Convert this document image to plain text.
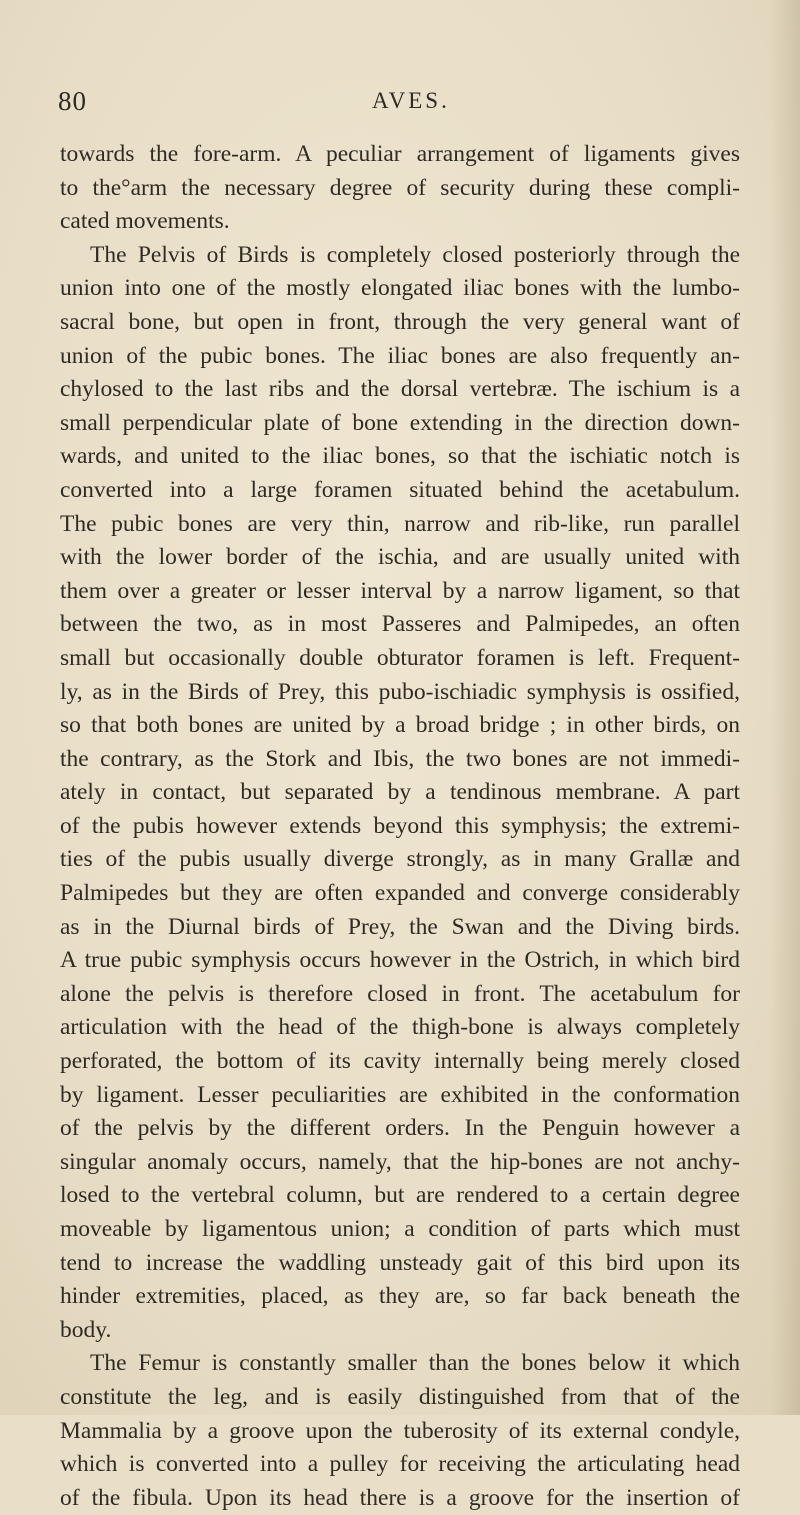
80	AVES.
towards the fore-arm. A peculiar arrangement of ligaments gives
to the°arm the necessary degree of security during these compli-
cated movements.
The Pelvis of Birds is completely closed posteriorly through the
union into one of the mostly elongated iliac bones with the lumbo-
sacral bone, but open in front, through the very general want of
union of the pubic bones. The iliac bones are also frequently an-
chylosed to the last ribs and the dorsal vertebræ. The ischium is a
small perpendicular plate of bone extending in the direction down-
wards, and united to the iliac bones, so that the ischiatic notch is
converted into a large foramen situated behind the acetabulum.
The pubic bones are very thin, narrow and rib-like, run parallel
with the lower border of the ischia, and are usually united with
them over a greater or lesser interval by a narrow ligament, so that
between the two, as in most Passeres and Palmipedes, an often
small but occasionally double obturator foramen is left. Frequent-
ly, as in the Birds of Prey, this pubo-ischiadic symphysis is ossified,
so that both bones are united by a broad bridge ; in other birds, on
the contrary, as the Stork and Ibis, the two bones are not immedi-
ately in contact, but separated by a tendinous membrane. A part
of the pubis however extends beyond this symphysis; the extremi-
ties of the pubis usually diverge strongly, as in many Grallæ and
Palmipedes but they are often expanded and converge considerably
as in the Diurnal birds of Prey, the Swan and the Diving birds.
A true pubic symphysis occurs however in the Ostrich, in which bird
alone the pelvis is therefore closed in front. The acetabulum for
articulation with the head of the thigh-bone is always completely
perforated, the bottom of its cavity internally being merely closed
by ligament. Lesser peculiarities are exhibited in the conformation
of the pelvis by the different orders. In the Penguin however a
singular anomaly occurs, namely, that the hip-bones are not anchy-
losed to the vertebral column, but are rendered to a certain degree
moveable by ligamentous union; a condition of parts which must
tend to increase the waddling unsteady gait of this bird upon its
hinder extremities, placed, as they are, so far back beneath the
body.
The Femur is constantly smaller than the bones below it which
constitute the leg, and is easily distinguished from that of the
Mammalia by a groove upon the tuberosity of its external condyle,
which is converted into a pulley for receiving the articulating head
of the fibula. Upon its head there is a groove for the insertion of
